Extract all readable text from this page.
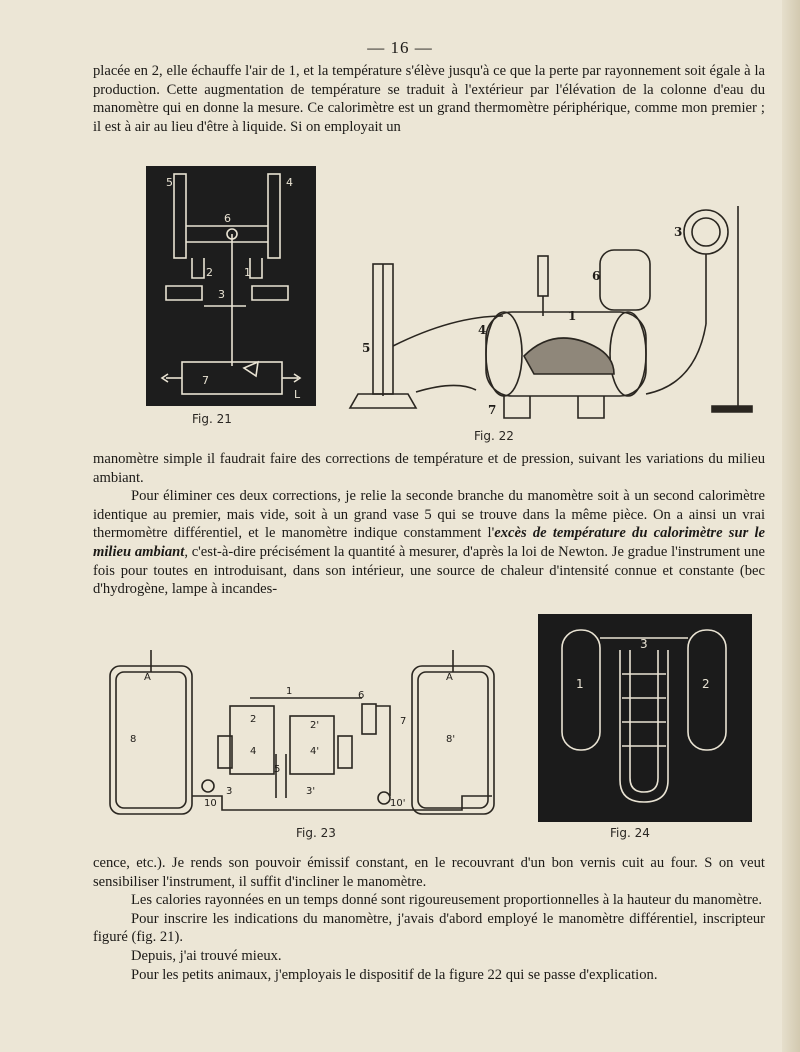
— 16 —

placée en 2, elle échauffe l'air de 1, et la température s'élève jusqu'à ce que la perte par rayonnement soit égale à la production. Cette augmentation de température se traduit à l'extérieur par l'élévation de la colonne d'eau du manomètre qui en donne la mesure. Ce calorimètre est un grand thermomètre périphérique, comme mon premier ; il est à air au lieu d'être à liquide. Si on employait un

5	4
6
2	1
3
7
L
Fig. 21
3
6
5
4
1
7
Fig. 22

manomètre simple il faudrait faire des corrections de température et de pression, suivant les variations du milieu ambiant.

Pour éliminer ces deux corrections, je relie la seconde branche du manomètre soit à un second calorimètre identique au premier, mais vide, soit à un grand vase 5 qui se trouve dans la même pièce. On a ainsi un vrai thermomètre différentiel, et le manomètre indique constamment l'excès de température du calorimètre sur le milieu ambiant, c'est-à-dire précisément la quantité à mesurer, d'après la loi de Newton. Je gradue l'instrument une fois pour toutes en introduisant, dans son intérieur, une source de chaleur d'intensité connue et constante (bec d'hydrogène, lampe à incandes-

A	A
8	8'
1
2
2'
4	4'
3	3'
5
6
7
10	10'
Fig. 23
3
1	2
Fig. 24

cence, etc.). Je rends son pouvoir émissif constant, en le recouvrant d'un bon vernis cuit au four. S on veut sensibiliser l'instrument, il suffit d'incliner le manomètre.

Les calories rayonnées en un temps donné sont rigoureusement proportionnelles à la hauteur du manomètre.

Pour inscrire les indications du manomètre, j'avais d'abord employé le manomètre différentiel, inscripteur figuré (fig. 21).

Depuis, j'ai trouvé mieux.

Pour les petits animaux, j'employais le dispositif de la figure 22 qui se passe d'explication.
